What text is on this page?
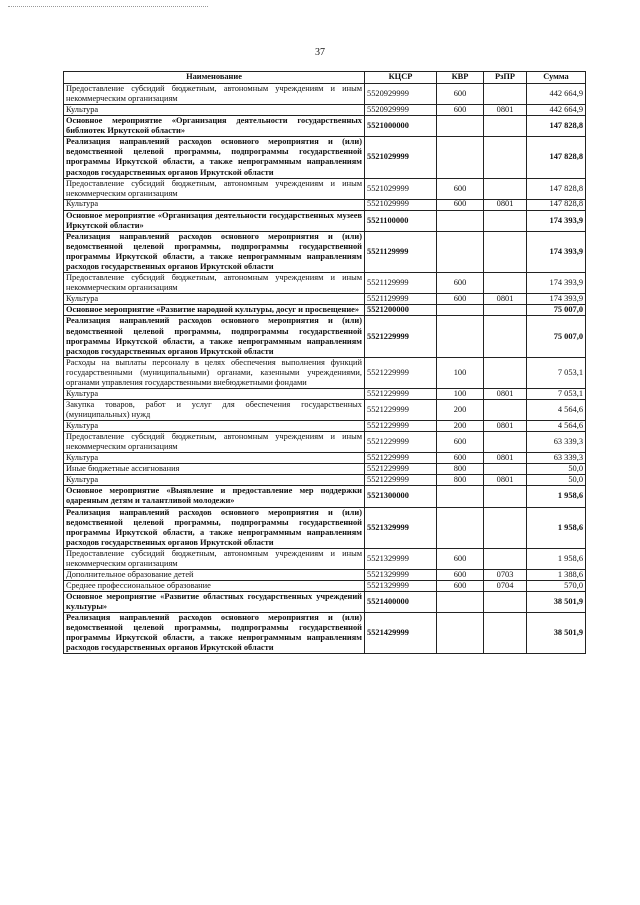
37
Наименование	КЦСР	КВР	РзПР	Сумма
Предоставление субсидий бюджетным, автономным учреждениям и иным некоммерческим организациям	5520929999	600		442 664,9
Культура	5520929999	600	0801	442 664,9
Основное мероприятие «Организация деятельности государственных библиотек Иркутской области»	5521000000			147 828,8
Реализация направлений расходов основного мероприятия и (или) ведомственной целевой программы, подпрограммы государственной программы Иркутской области, а также непрограммным направлениям расходов государственных органов Иркутской области	5521029999			147 828,8
Предоставление субсидий бюджетным, автономным учреждениям и иным некоммерческим организациям	5521029999	600		147 828,8
Культура	5521029999	600	0801	147 828,8
Основное мероприятие «Организация деятельности государственных музеев Иркутской области»	5521100000			174 393,9
Реализация направлений расходов основного мероприятия и (или) ведомственной целевой программы, подпрограммы государственной программы Иркутской области, а также непрограммным направлениям расходов государственных органов Иркутской области	5521129999			174 393,9
Предоставление субсидий бюджетным, автономным учреждениям и иным некоммерческим организациям	5521129999	600		174 393,9
Культура	5521129999	600	0801	174 393,9
Основное мероприятие «Развитие народной культуры, досуг и просвещение»	5521200000			75 007,0
Реализация направлений расходов основного мероприятия и (или) ведомственной целевой программы, подпрограммы государственной программы Иркутской области, а также непрограммным направлениям расходов государственных органов Иркутской области	5521229999			75 007,0
Расходы на выплаты персоналу в целях обеспечения выполнения функций государственными (муниципальными) органами, казенными учреждениями, органами управления государственными внебюджетными фондами	5521229999	100		7 053,1
Культура	5521229999	100	0801	7 053,1
Закупка товаров, работ и услуг для обеспечения государственных (муниципальных) нужд	5521229999	200		4 564,6
Культура	5521229999	200	0801	4 564,6
Предоставление субсидий бюджетным, автономным учреждениям и иным некоммерческим организациям	5521229999	600		63 339,3
Культура	5521229999	600	0801	63 339,3
Иные бюджетные ассигнования	5521229999	800		50,0
Культура	5521229999	800	0801	50,0
Основное мероприятие «Выявление и предоставление мер поддержки одаренным детям и талантливой молодежи»	5521300000			1 958,6
Реализация направлений расходов основного мероприятия и (или) ведомственной целевой программы, подпрограммы государственной программы Иркутской области, а также непрограммным направлениям расходов государственных органов Иркутской области	5521329999			1 958,6
Предоставление субсидий бюджетным, автономным учреждениям и иным некоммерческим организациям	5521329999	600		1 958,6
Дополнительное образование детей	5521329999	600	0703	1 388,6
Среднее профессиональное образование	5521329999	600	0704	570,0
Основное мероприятие «Развитие областных государственных учреждений культуры»	5521400000			38 501,9
Реализация направлений расходов основного мероприятия и (или) ведомственной целевой программы, подпрограммы государственной программы Иркутской области, а также непрограммным направлениям расходов государственных органов Иркутской области	5521429999			38 501,9
